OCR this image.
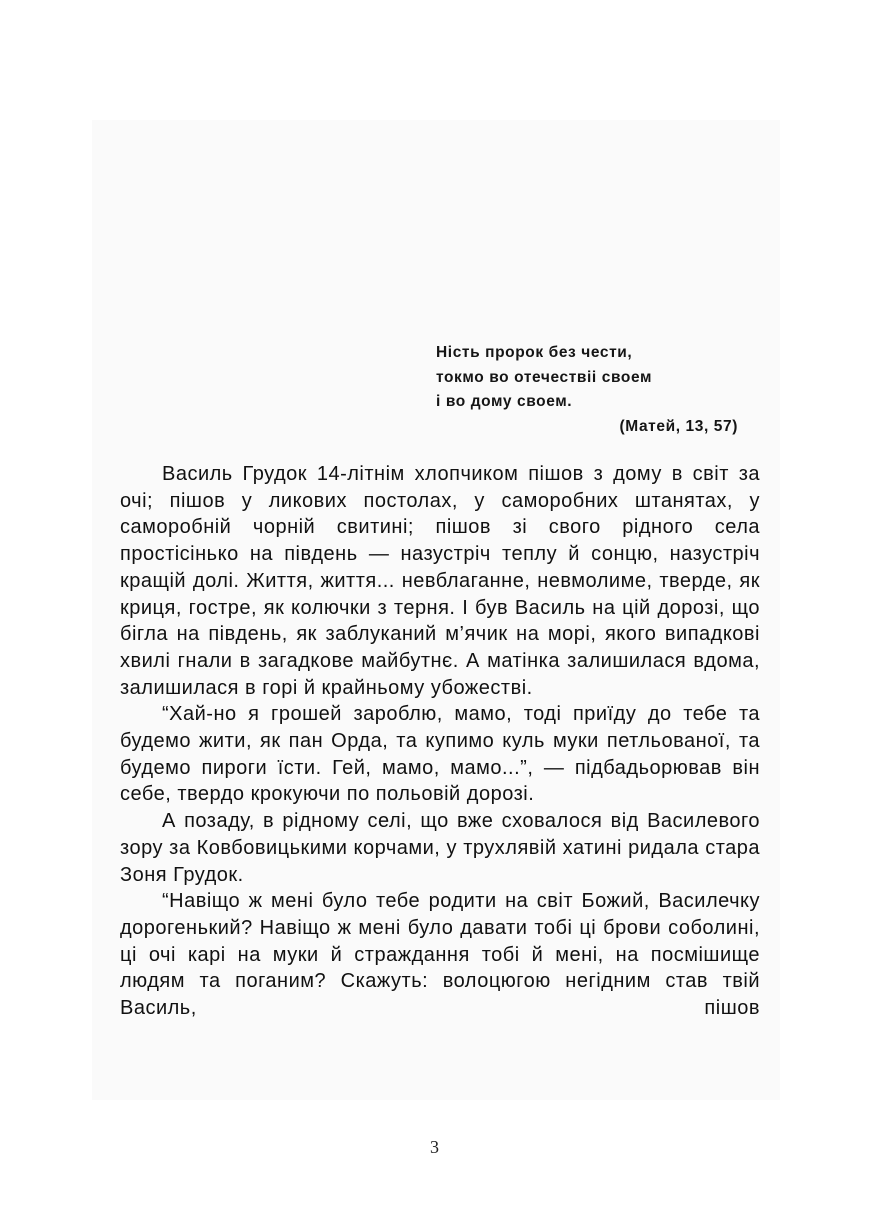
Ність пророк без чести,
токмо во отечествіі своем
і во дому своем.
(Матей, 13, 57)

Василь Грудок 14-літнім хлопчиком пішов з дому в світ за очі; пішов у ликових постолах, у саморобних штанятах, у саморобній чорній свитині; пішов зі свого рідного села простісінько на південь — назустріч теплу й сонцю, назустріч кращій долі. Життя, життя... невблаганне, невмолиме, тверде, як криця, гостре, як колючки з терня. І був Василь на цій дорозі, що бігла на південь, як заблуканий м’ячик на морі, якого випадкові хвилі гнали в загадкове майбутнє. А матінка залишилася вдома, залишилася в горі й крайньому убожестві.

“Хай-но я грошей зароблю, мамо, тоді приїду до тебе та будемо жити, як пан Орда, та купимо куль муки петльованої, та будемо пироги їсти. Гей, мамо, мамо...”, — підбадьорював він себе, твердо крокуючи по польовій дорозі.

А позаду, в рідному селі, що вже сховалося від Василевого зору за Ковбовицькими корчами, у трухлявій хатині ридала стара Зоня Грудок.

“Навіщо ж мені було тебе родити на світ Божий, Василечку дорогенький? Навіщо ж мені було давати тобі ці брови соболині, ці очі карі на муки й страждання тобі й мені, на посмішище людям та поганим? Скажуть: волоцюгою негідним став твій Василь, пішов

3
